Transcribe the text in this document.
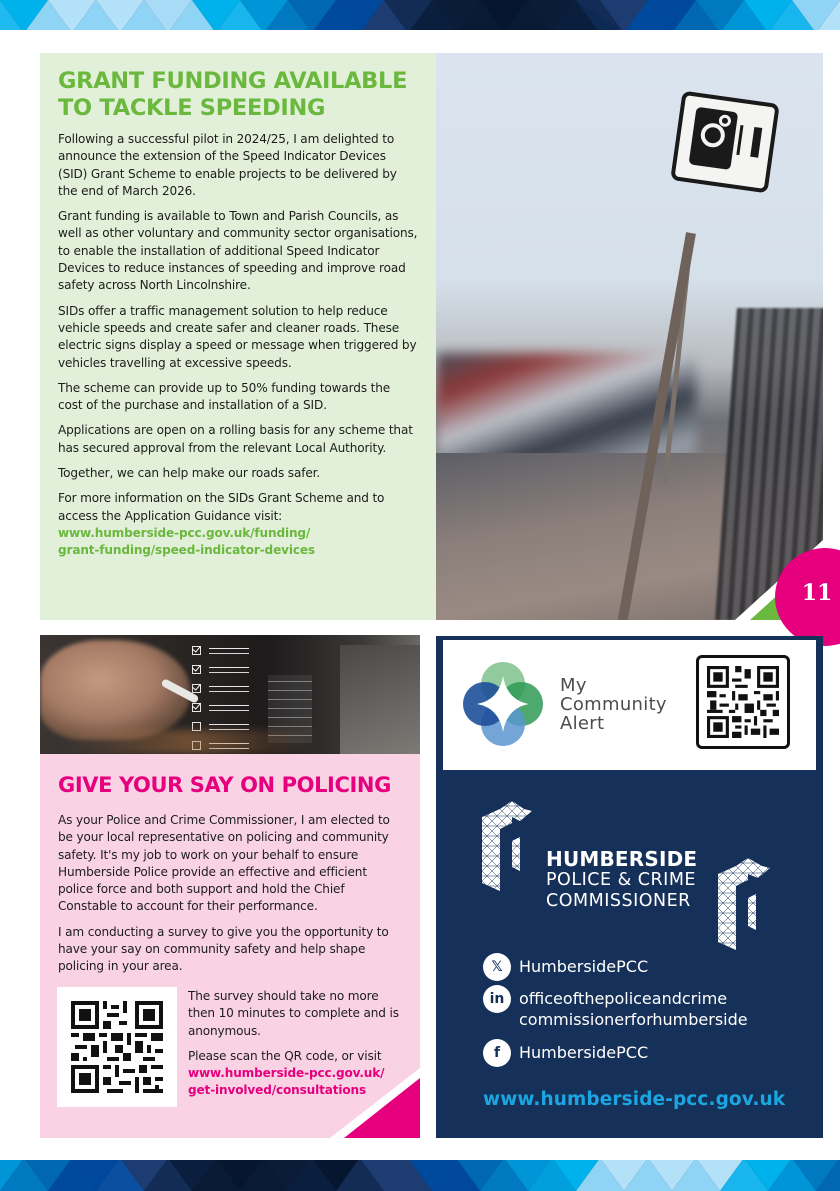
GRANT FUNDING AVAILABLE TO TACKLE SPEEDING

Following a successful pilot in 2024/25, I am delighted to announce the extension of the Speed Indicator Devices (SID) Grant Scheme to enable projects to be delivered by the end of March 2026.

Grant funding is available to Town and Parish Councils, as well as other voluntary and community sector organisations, to enable the installation of additional Speed Indicator Devices to reduce instances of speeding and improve road safety across North Lincolnshire.

SIDs offer a traffic management solution to help reduce vehicle speeds and create safer and cleaner roads. These electric signs display a speed or message when triggered by vehicles travelling at excessive speeds.

The scheme can provide up to 50% funding towards the cost of the purchase and installation of a SID.

Applications are open on a rolling basis for any scheme that has secured approval from the relevant Local Authority.

Together, we can help make our roads safer.

For more information on the SIDs Grant Scheme and to access the Application Guidance visit:
www.humberside-pcc.gov.uk/funding/
grant-funding/speed-indicator-devices

11
GIVE YOUR SAY ON POLICING

As your Police and Crime Commissioner, I am elected to be your local representative on policing and community safety. It's my job to work on your behalf to ensure Humberside Police provide an effective and efficient police force and both support and hold the Chief Constable to account for their performance.

I am conducting a survey to give you the opportunity to have your say on community safety and help shape policing in your area.

The survey should take no more then 10 minutes to complete and is anonymous.

Please scan the QR code, or visit
www.humberside-pcc.gov.uk/
get-involved/consultations

My
Community
Alert
HUMBERSIDE
POLICE & CRIME
COMMISSIONER
𝕏	HumbersidePCC
in officeofthepoliceandcrime
commissionerforhumberside
f	HumbersidePCC
www.humberside-pcc.gov.uk
